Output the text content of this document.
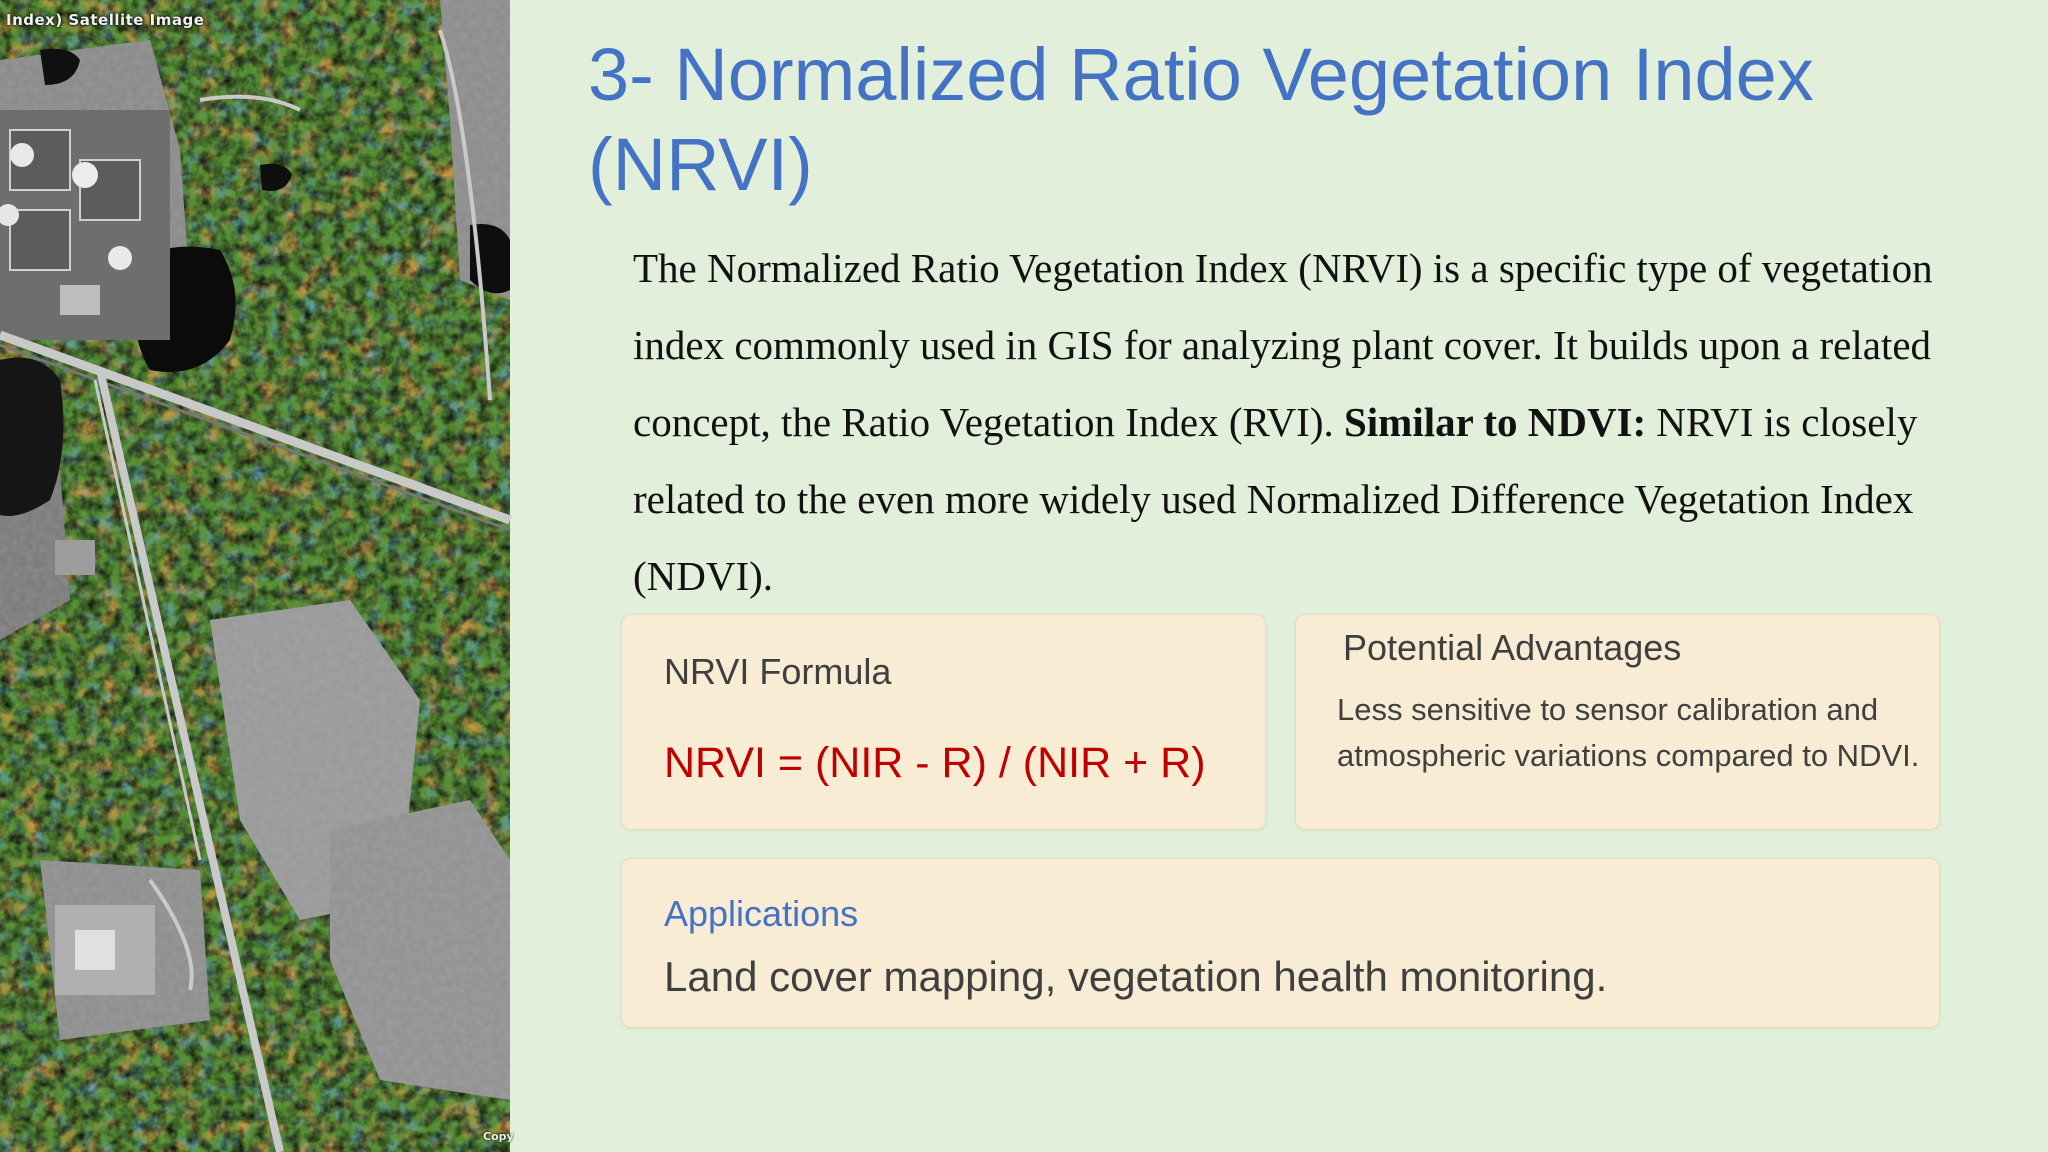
Index) Satellite Image
Copy
3- Normalized Ratio Vegetation Index (NRVI)

The Normalized Ratio Vegetation Index (NRVI) is a specific type of vegetation index commonly used in GIS for analyzing plant cover. It builds upon a related concept, the Ratio Vegetation Index (RVI). Similar to NDVI: NRVI is closely related to the even more widely used Normalized Difference Vegetation Index (NDVI).

NRVI Formula
NRVI = (NIR - R) / (NIR + R)
Potential Advantages
Less sensitive to sensor calibration and atmospheric variations compared to NDVI.
Applications
Land cover mapping, vegetation health monitoring.
